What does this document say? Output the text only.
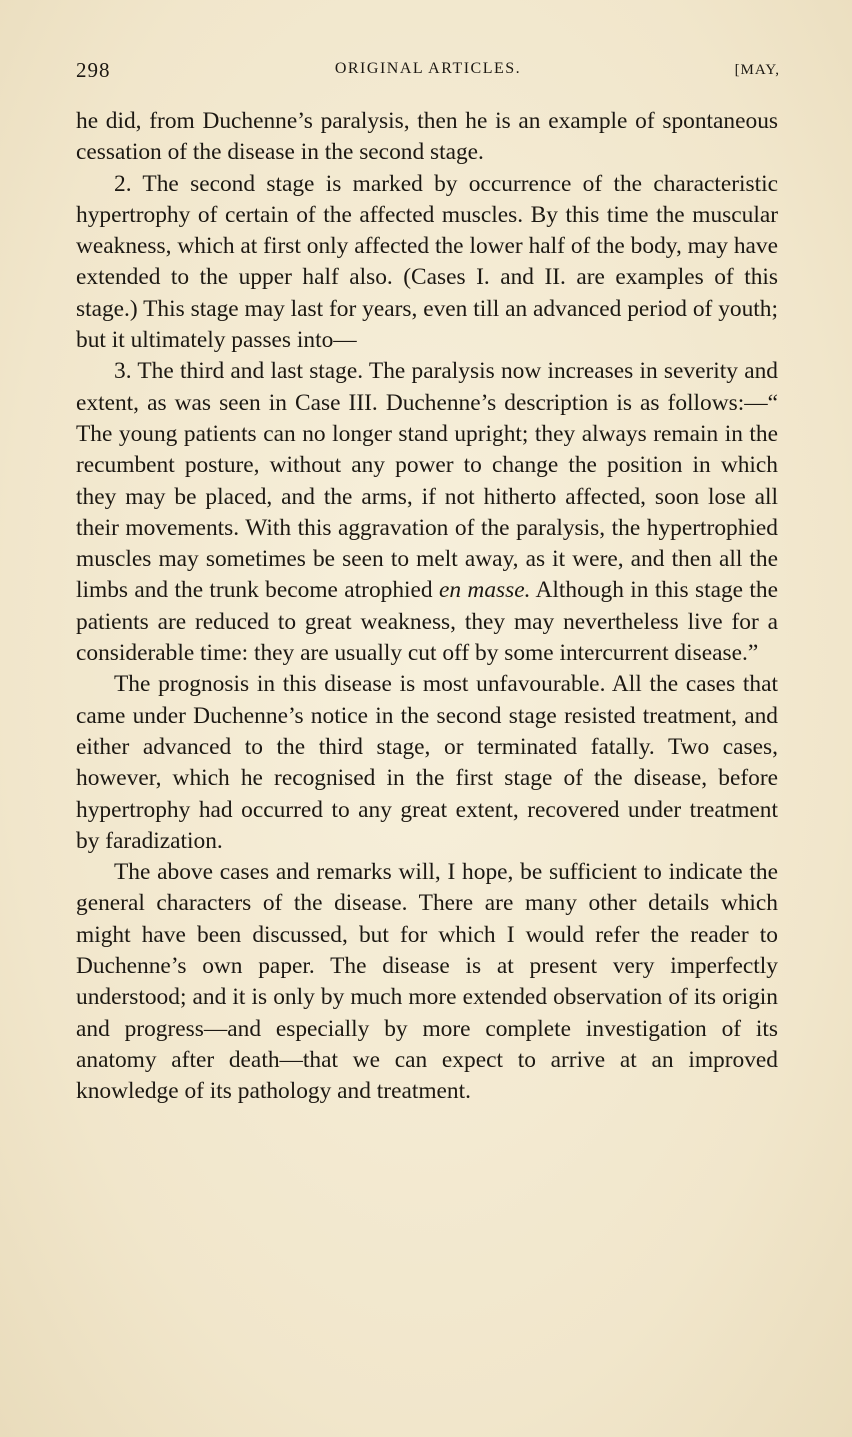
298	ORIGINAL ARTICLES.	[MAY,

he did, from Duchenne’s paralysis, then he is an example of spontaneous cessation of the disease in the second stage.

2. The second stage is marked by occurrence of the characteristic hypertrophy of certain of the affected muscles. By this time the muscular weakness, which at first only affected the lower half of the body, may have extended to the upper half also. (Cases I. and II. are examples of this stage.) This stage may last for years, even till an advanced period of youth; but it ultimately passes into—

3. The third and last stage. The paralysis now increases in severity and extent, as was seen in Case III. Duchenne’s description is as follows:—“ The young patients can no longer stand upright; they always remain in the recumbent posture, without any power to change the position in which they may be placed, and the arms, if not hitherto affected, soon lose all their movements. With this aggravation of the paralysis, the hypertrophied muscles may sometimes be seen to melt away, as it were, and then all the limbs and the trunk become atrophied en masse. Although in this stage the patients are reduced to great weakness, they may nevertheless live for a considerable time: they are usually cut off by some intercurrent disease.”

The prognosis in this disease is most unfavourable. All the cases that came under Duchenne’s notice in the second stage resisted treatment, and either advanced to the third stage, or terminated fatally. Two cases, however, which he recognised in the first stage of the disease, before hypertrophy had occurred to any great extent, recovered under treatment by faradization.

The above cases and remarks will, I hope, be sufficient to indicate the general characters of the disease. There are many other details which might have been discussed, but for which I would refer the reader to Duchenne’s own paper. The disease is at present very imperfectly understood; and it is only by much more extended observation of its origin and progress—and especially by more complete investigation of its anatomy after death—that we can expect to arrive at an improved knowledge of its pathology and treatment.
